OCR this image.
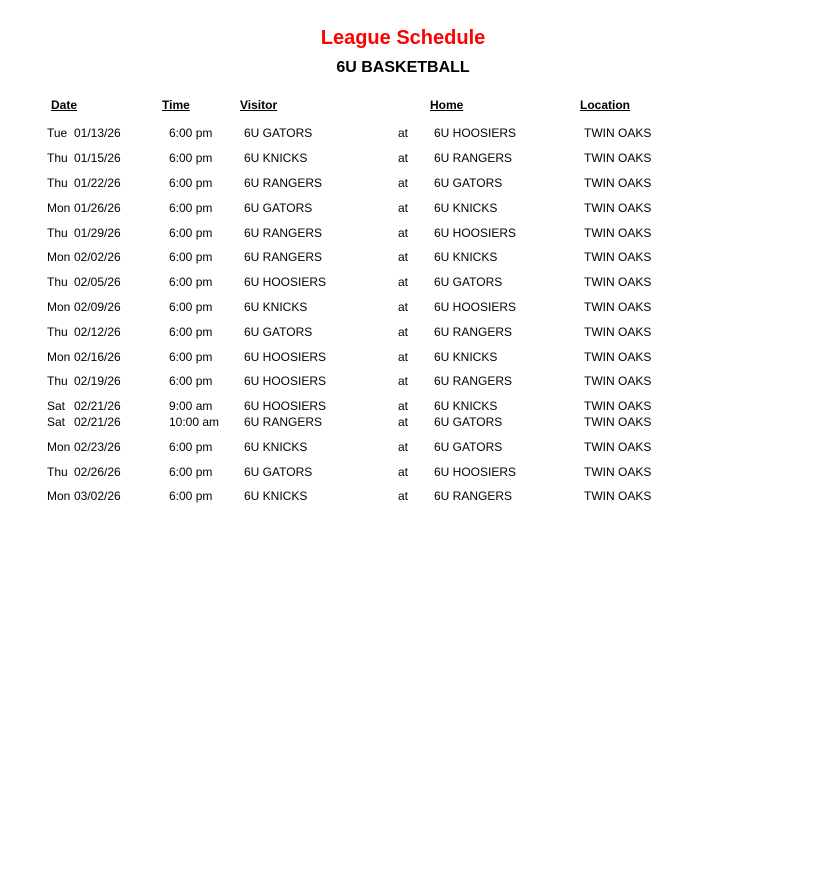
League Schedule
6U BASKETBALL
Date	Time	Visitor	Home	Location
Tue 01/13/26	6:00 pm	6U GATORS	at 6U HOOSIERS	TWIN OAKS
Thu 01/15/26	6:00 pm	6U KNICKS	at 6U RANGERS	TWIN OAKS
Thu 01/22/26	6:00 pm	6U RANGERS	at 6U GATORS	TWIN OAKS
Mon 01/26/26	6:00 pm	6U GATORS	at 6U KNICKS	TWIN OAKS
Thu 01/29/26	6:00 pm	6U RANGERS	at 6U HOOSIERS	TWIN OAKS
Mon 02/02/26	6:00 pm	6U RANGERS	at 6U KNICKS	TWIN OAKS
Thu 02/05/26	6:00 pm	6U HOOSIERS	at 6U GATORS	TWIN OAKS
Mon 02/09/26	6:00 pm	6U KNICKS	at 6U HOOSIERS	TWIN OAKS
Thu 02/12/26	6:00 pm	6U GATORS	at 6U RANGERS	TWIN OAKS
Mon 02/16/26	6:00 pm	6U HOOSIERS	at 6U KNICKS	TWIN OAKS
Thu 02/19/26	6:00 pm	6U HOOSIERS	at 6U RANGERS	TWIN OAKS
Sat 02/21/26	9:00 am	6U HOOSIERS	at 6U KNICKS	TWIN OAKS
Sat 02/21/26	10:00 am 6U RANGERS	at 6U GATORS	TWIN OAKS
Mon 02/23/26	6:00 pm	6U KNICKS	at 6U GATORS	TWIN OAKS
Thu 02/26/26	6:00 pm	6U GATORS	at 6U HOOSIERS	TWIN OAKS
Mon 03/02/26	6:00 pm	6U KNICKS	at 6U RANGERS	TWIN OAKS
